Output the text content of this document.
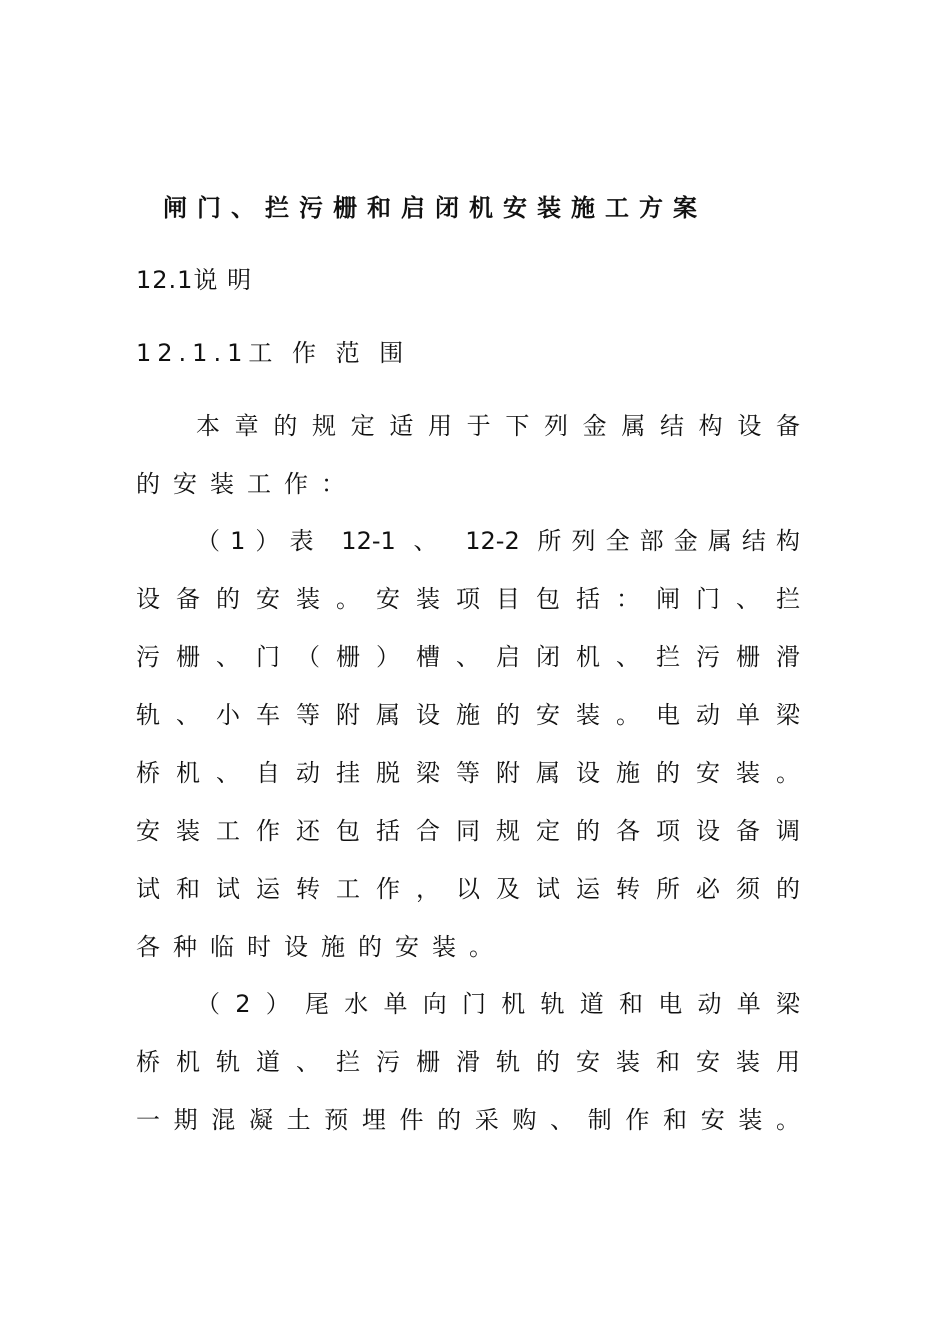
闸门、拦污栅和启闭机安装施工方案
12.1说 明
12.1.1工 作 范 围
本章的规定适用于下列金属结构设备
的安装工作：
（1）表 12-1 、 12-2 所列全部金属结构
设备的安装。安装项目包括：闸门、拦
污栅、门（栅）槽、启闭机、拦污栅滑
轨、小车等附属设施的安装。电动单梁
桥机、自动挂脱梁等附属设施的安装。
安装工作还包括合同规定的各项设备调
试和试运转工作，以及试运转所必须的
各种临时设施的安装。
（2）尾水单向门机轨道和电动单梁
桥机轨道、拦污栅滑轨的安装和安装用
一期混凝土预埋件的采购、制作和安装。
